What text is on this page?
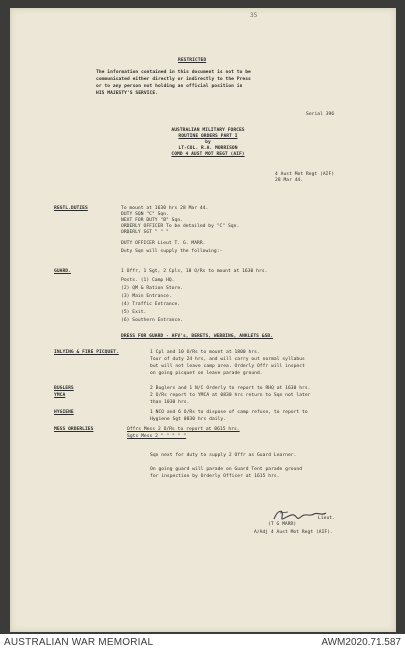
35
RESTRICTED
The information contained in this document is not to be
communicated either directly or indirectly to the Press
or to any person not holding an official position in
HIS MAJESTY'S SERVICE.
Serial 396
AUSTRALIAN MILITARY FORCES
ROUTINE ORDERS PART I
by
LT-COL. R.A. MORRISON
COMD 4 AUST MOT REGT (AIF)
4 Aust Mot Regt (AIF)
28 Mar 44.
REGTL.DUTIES	To mount at 1630 hrs 28 Mar 44.
DUTY SQN "C" Sqn.
NEXT FOR DUTY "B" Sqn.
ORDERLY OFFICER To be detailed by "C" Sqn.
ORDERLY SGT " " "
DUTY OFFICER Lieut T. G. MARR.
Duty Sqn will supply the following:-
GUARD.	1 Offr, 1 Sgt, 2 Cpls, 18 O/Rs to mount at 1630 hrs.
Posts. (1) Camp HQ.
(2) QM & Ration Store.
(3) Main Entrance.
(4) Traffic Entrance.
(5) Exit.
(6) Southern Entrance.
DRESS FOR GUARD - AFV's, BERETS, WEBBING, ANKLETS &SB.
INLYING & FIRE PICQUET.	1 Cpl and 10 O/Rs to mount at 1800 hrs.
Tour of duty 24 hrs, and will carry out normal syllabus
but will not leave camp area. Orderly Offr will inspect
on going picquet on leave parade ground.
BUGLERS	2 Buglers and 1 N/C Orderly to report to RHQ at 1630 hrs.
YMCA	2 O/Rs report to YMCA at 0830 hrs return to Sqn not later
than 1030 hrs.
HYGIENE	1 NCO and 6 O/Rs to dispose of camp refuse, to report to
Hygiene Sgt 0830 hrs daily.
MESS ORDERLIES	Offrs Mess 2 O/Rs to report at 0615 hrs.
Sgts Mess 2 " " " " "
Sqn next for duty to supply 2 Offr as Guard Learner.
On going guard will parade on Guard Tent parade ground
for inspection by Orderly Officer at 1615 hrs.
Lieut.
(T G MARR)
A/Adj 4 Aust Mot Regt (AIF).
AUSTRALIAN WAR MEMORIAL	AWM2020.71.587
